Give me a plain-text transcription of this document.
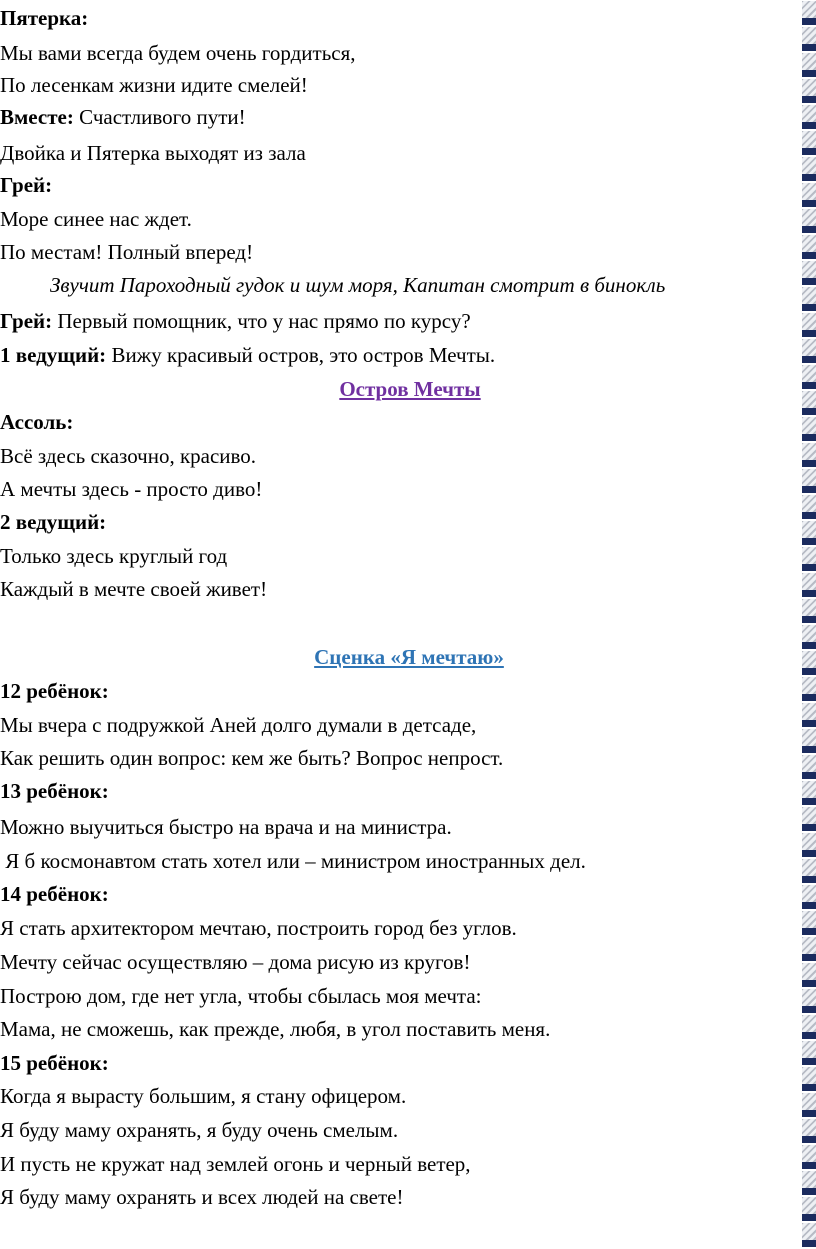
Пятерка:
Мы вами всегда будем очень гордиться,
По лесенкам жизни идите смелей!
Вместе: Счастливого пути!
Двойка и Пятерка выходят из зала
Грей:
Море синее нас ждет.
По местам! Полный вперед!
Звучит Пароходный гудок и шум моря, Капитан смотрит в бинокль
Грей: Первый помощник, что у нас прямо по курсу?
1 ведущий: Вижу красивый остров, это остров Мечты.
Остров Мечты
Ассоль:
Всё здесь сказочно, красиво.
А мечты здесь - просто диво!
2 ведущий:
Только здесь круглый год
Каждый в мечте своей живет!
Сценка «Я мечтаю»
12 ребёнок:
Мы вчера с подружкой Аней долго думали в детсаде,
Как решить один вопрос: кем же быть? Вопрос непрост.
13 ребёнок:
Можно выучиться быстро на врача и на министра.
Я б космонавтом стать хотел или – министром иностранных дел.
14 ребёнок:
Я стать архитектором мечтаю, построить город без углов.
Мечту сейчас осуществляю – дома рисую из кругов!
Построю дом, где нет угла, чтобы сбылась моя мечта:
Мама, не сможешь, как прежде, любя, в угол поставить меня.
15 ребёнок:
Когда я вырасту большим, я стану офицером.
Я буду маму охранять, я буду очень смелым.
И пусть не кружат над землей огонь и черный ветер,
Я буду маму охранять и всех людей на свете!
